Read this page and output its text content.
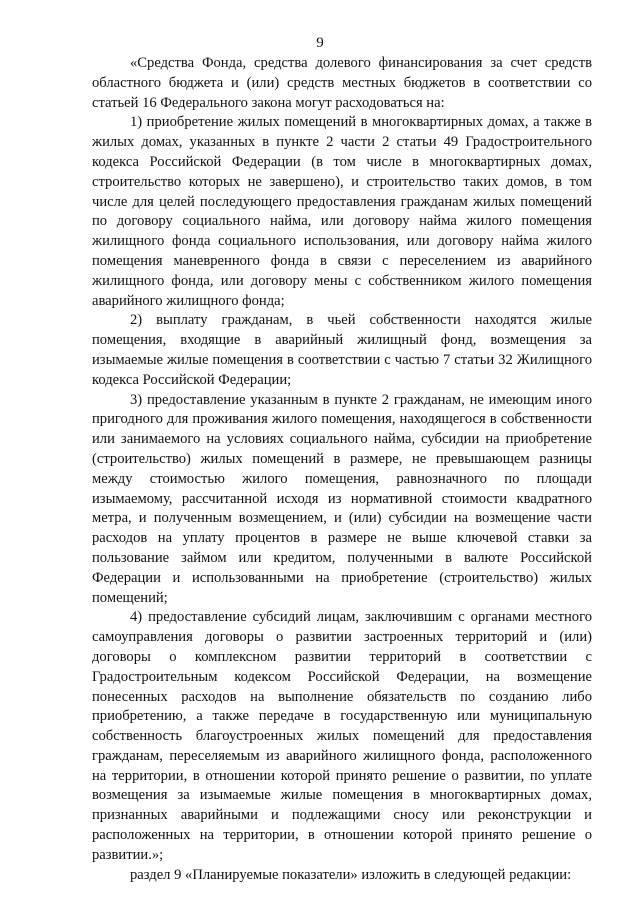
9

«Средства Фонда, средства долевого финансирования за счет средств областного бюджета и (или) средств местных бюджетов в соответствии со статьей 16 Федерального закона могут расходоваться на:

1) приобретение жилых помещений в многоквартирных домах, а также в жилых домах, указанных в пункте 2 части 2 статьи 49 Градостроительного кодекса Российской Федерации (в том числе в многоквартирных домах, строительство которых не завершено), и строительство таких домов, в том числе для целей последующего предоставления гражданам жилых помещений по договору социального найма, или договору найма жилого помещения жилищного фонда социального использования, или договору найма жилого помещения маневренного фонда в связи с переселением из аварийного жилищного фонда, или договору мены с собственником жилого помещения аварийного жилищного фонда;

2) выплату гражданам, в чьей собственности находятся жилые помещения, входящие в аварийный жилищный фонд, возмещения за изымаемые жилые помещения в соответствии с частью 7 статьи 32 Жилищного кодекса Российской Федерации;

3) предоставление указанным в пункте 2 гражданам, не имеющим иного пригодного для проживания жилого помещения, находящегося в собственности или занимаемого на условиях социального найма, субсидии на приобретение (строительство) жилых помещений в размере, не превышающем разницы между стоимостью жилого помещения, равнозначного по площади изымаемому, рассчитанной исходя из нормативной стоимости квадратного метра, и полученным возмещением, и (или) субсидии на возмещение части расходов на уплату процентов в размере не выше ключевой ставки за пользование займом или кредитом, полученными в валюте Российской Федерации и использованными на приобретение (строительство) жилых помещений;

4) предоставление субсидий лицам, заключившим с органами местного самоуправления договоры о развитии застроенных территорий и (или) договоры о комплексном развитии территорий в соответствии с Градостроительным кодексом Российской Федерации, на возмещение понесенных расходов на выполнение обязательств по созданию либо приобретению, а также передаче в государственную или муниципальную собственность благоустроенных жилых помещений для предоставления гражданам, переселяемым из аварийного жилищного фонда, расположенного на территории, в отношении которой принято решение о развитии, по уплате возмещения за изымаемые жилые помещения в многоквартирных домах, признанных аварийными и подлежащими сносу или реконструкции и расположенных на территории, в отношении которой принято решение о развитии.»;

раздел 9 «Планируемые показатели» изложить в следующей редакции:
